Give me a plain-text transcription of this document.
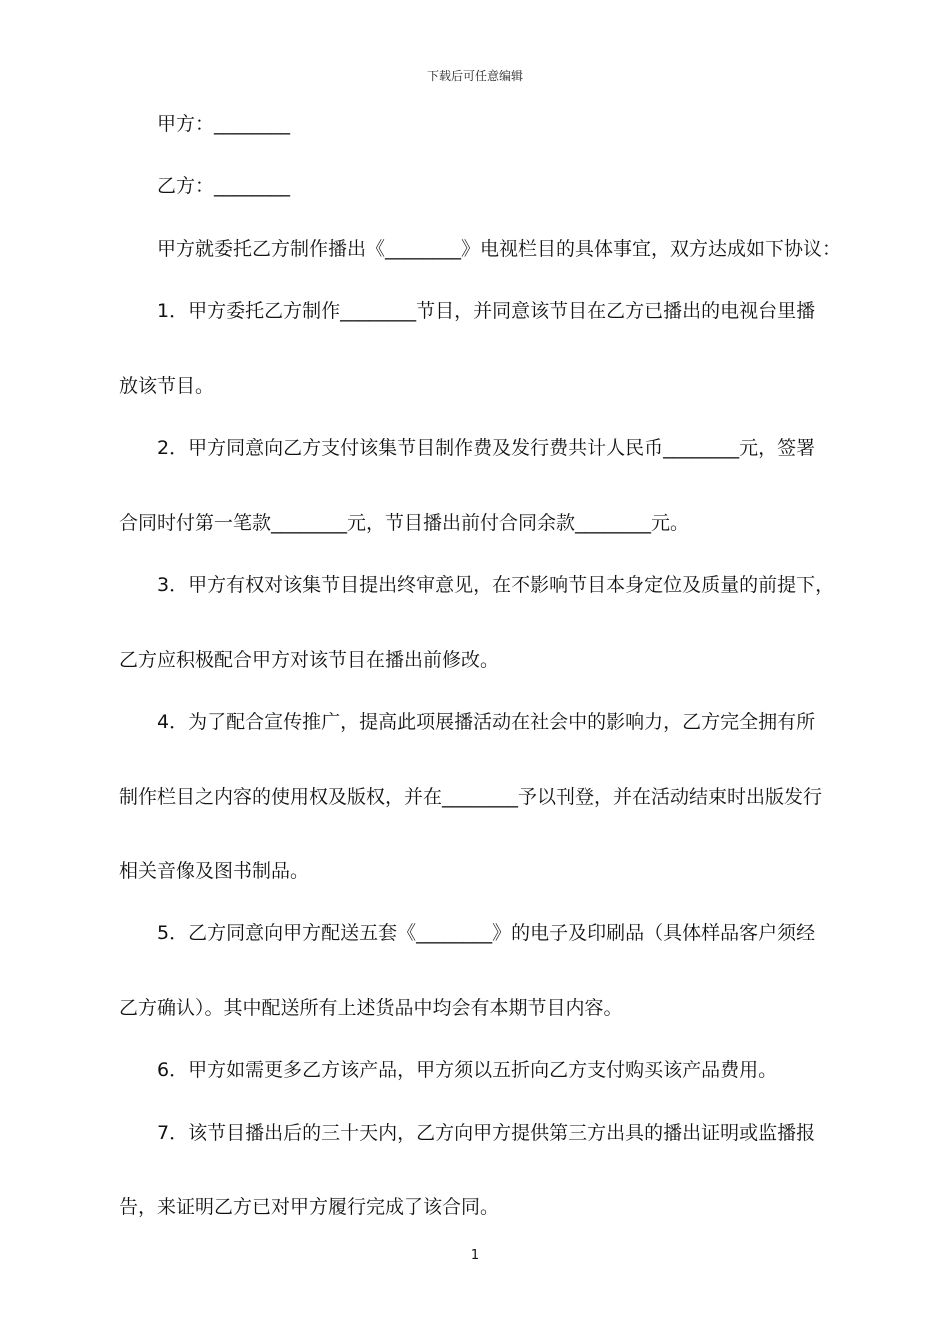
下载后可任意编辑
甲方：________
乙方：________
甲方就委托乙方制作播出《________》电视栏目的具体事宜，双方达成如下协议：
1．甲方委托乙方制作________节目，并同意该节目在乙方已播出的电视台里播
放该节目。
2．甲方同意向乙方支付该集节目制作费及发行费共计人民币________元，签署
合同时付第一笔款________元，节目播出前付合同余款________元。
3．甲方有权对该集节目提出终审意见，在不影响节目本身定位及质量的前提下，
乙方应积极配合甲方对该节目在播出前修改。
4．为了配合宣传推广，提高此项展播活动在社会中的影响力，乙方完全拥有所
制作栏目之内容的使用权及版权，并在________予以刊登，并在活动结束时出版发行
相关音像及图书制品。
5．乙方同意向甲方配送五套《________》的电子及印刷品（具体样品客户须经
乙方确认）。其中配送所有上述货品中均会有本期节目内容。
6．甲方如需更多乙方该产品，甲方须以五折向乙方支付购买该产品费用。
7．该节目播出后的三十天内，乙方向甲方提供第三方出具的播出证明或监播报
告，来证明乙方已对甲方履行完成了该合同。
1
